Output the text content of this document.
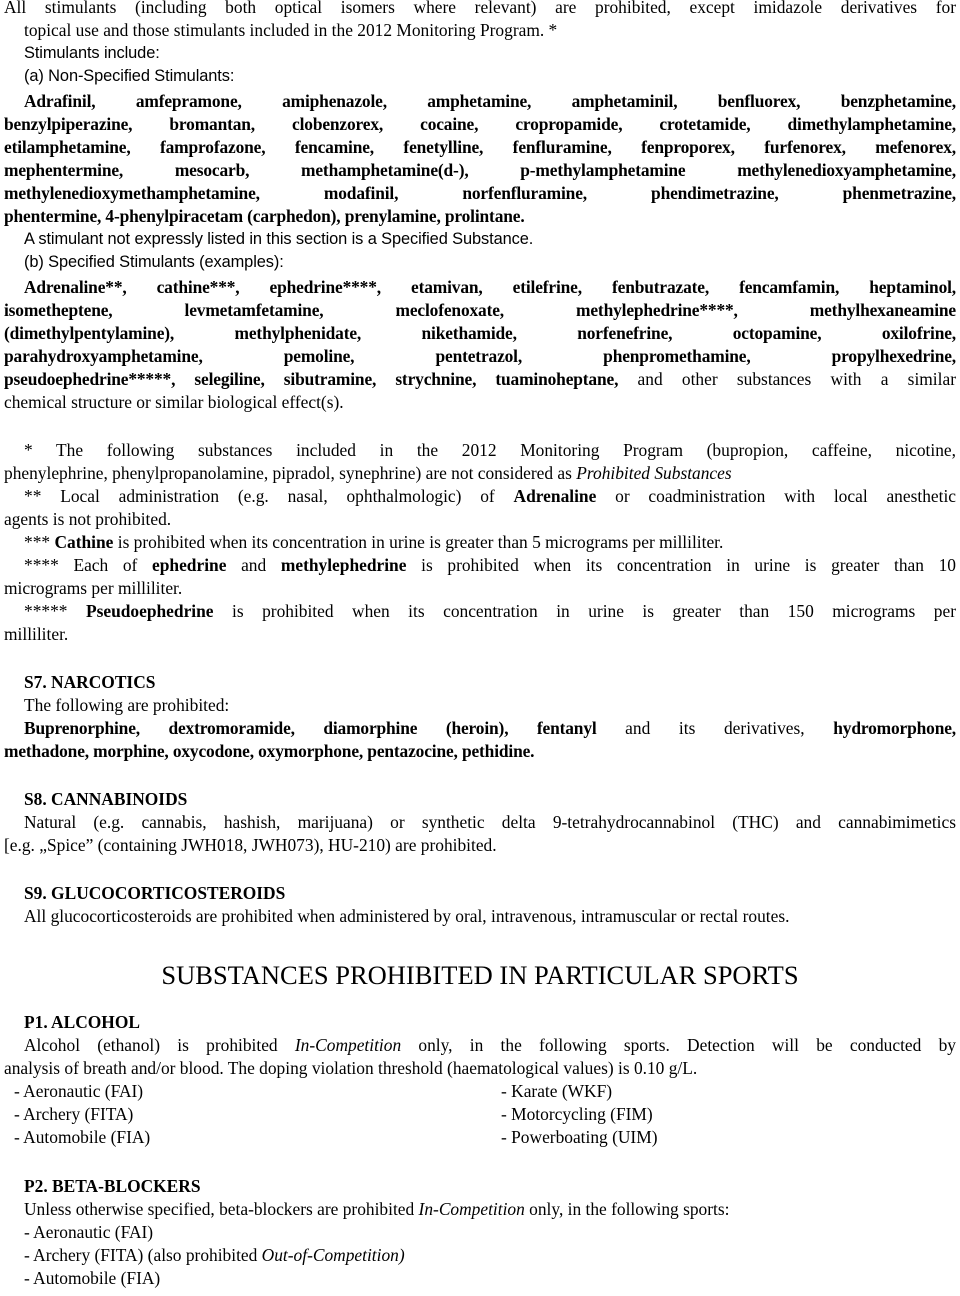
All stimulants (including both optical isomers where relevant) are prohibited, except imidazole derivatives for
topical use and those stimulants included in the 2012 Monitoring Program. *
Stimulants include:
(a) Non-Specified Stimulants:
Adrafinil, amfepramone, amiphenazole, amphetamine, amphetaminil, benfluorex, benzphetamine,
benzylpiperazine, bromantan, clobenzorex, cocaine, cropropamide, crotetamide, dimethylamphetamine,
etilamphetamine, famprofazone, fencamine, fenetylline, fenfluramine, fenproporex, furfenorex, mefenorex,
mephentermine, mesocarb, methamphetamine(d-), p-methylamphetamine methylenedioxyamphetamine,
methylenedioxymethamphetamine, modafinil, norfenfluramine, phendimetrazine, phenmetrazine,
phentermine, 4-phenylpiracetam (carphedon), prenylamine, prolintane.
A stimulant not expressly listed in this section is a Specified Substance.
(b) Specified Stimulants (examples):
Adrenaline**, cathine***, ephedrine****, etamivan, etilefrine, fenbutrazate, fencamfamin, heptaminol,
isometheptene, levmetamfetamine, meclofenoxate, methylephedrine****, methylhexaneamine
(dimethylpentylamine), methylphenidate, nikethamide, norfenefrine, octopamine, oxilofrine,
parahydroxyamphetamine, pemoline, pentetrazol, phenpromethamine, propylhexedrine,
pseudoephedrine*****, selegiline, sibutramine, strychnine, tuaminoheptane, and other substances with a similar
chemical structure or similar biological effect(s).
* The following substances included in the 2012 Monitoring Program (bupropion, caffeine, nicotine,
phenylephrine, phenylpropanolamine, pipradol, synephrine) are not considered as Prohibited Substances
** Local administration (e.g. nasal, ophthalmologic) of Adrenaline or coadministration with local anesthetic
agents is not prohibited.
*** Cathine is prohibited when its concentration in urine is greater than 5 micrograms per milliliter.
**** Each of ephedrine and methylephedrine is prohibited when its concentration in urine is greater than 10
micrograms per milliliter.
***** Pseudoephedrine is prohibited when its concentration in urine is greater than 150 micrograms per
milliliter.
S7. NARCOTICS
The following are prohibited:
Buprenorphine, dextromoramide, diamorphine (heroin), fentanyl and its derivatives, hydromorphone,
methadone, morphine, oxycodone, oxymorphone, pentazocine, pethidine.
S8. CANNABINOIDS
Natural (e.g. cannabis, hashish, marijuana) or synthetic delta 9-tetrahydrocannabinol (THC) and cannabimimetics
[e.g. „Spice” (containing JWH018, JWH073), HU-210) are prohibited.
S9. GLUCOCORTICOSTEROIDS
All glucocorticosteroids are prohibited when administered by oral, intravenous, intramuscular or rectal routes.
SUBSTANCES PROHIBITED IN PARTICULAR SPORTS
P1. ALCOHOL
Alcohol (ethanol) is prohibited In-Competition only, in the following sports. Detection will be conducted by
analysis of breath and/or blood. The doping violation threshold (haematological values) is 0.10 g/L.
- Aeronautic (FAI)
- Archery (FITA)
- Automobile (FIA)
- Karate (WKF)
- Motorcycling (FIM)
- Powerboating (UIM)
P2. BETA-BLOCKERS
Unless otherwise specified, beta-blockers are prohibited In-Competition only, in the following sports:
- Aeronautic (FAI)
- Archery (FITA) (also prohibited Out-of-Competition)
- Automobile (FIA)
